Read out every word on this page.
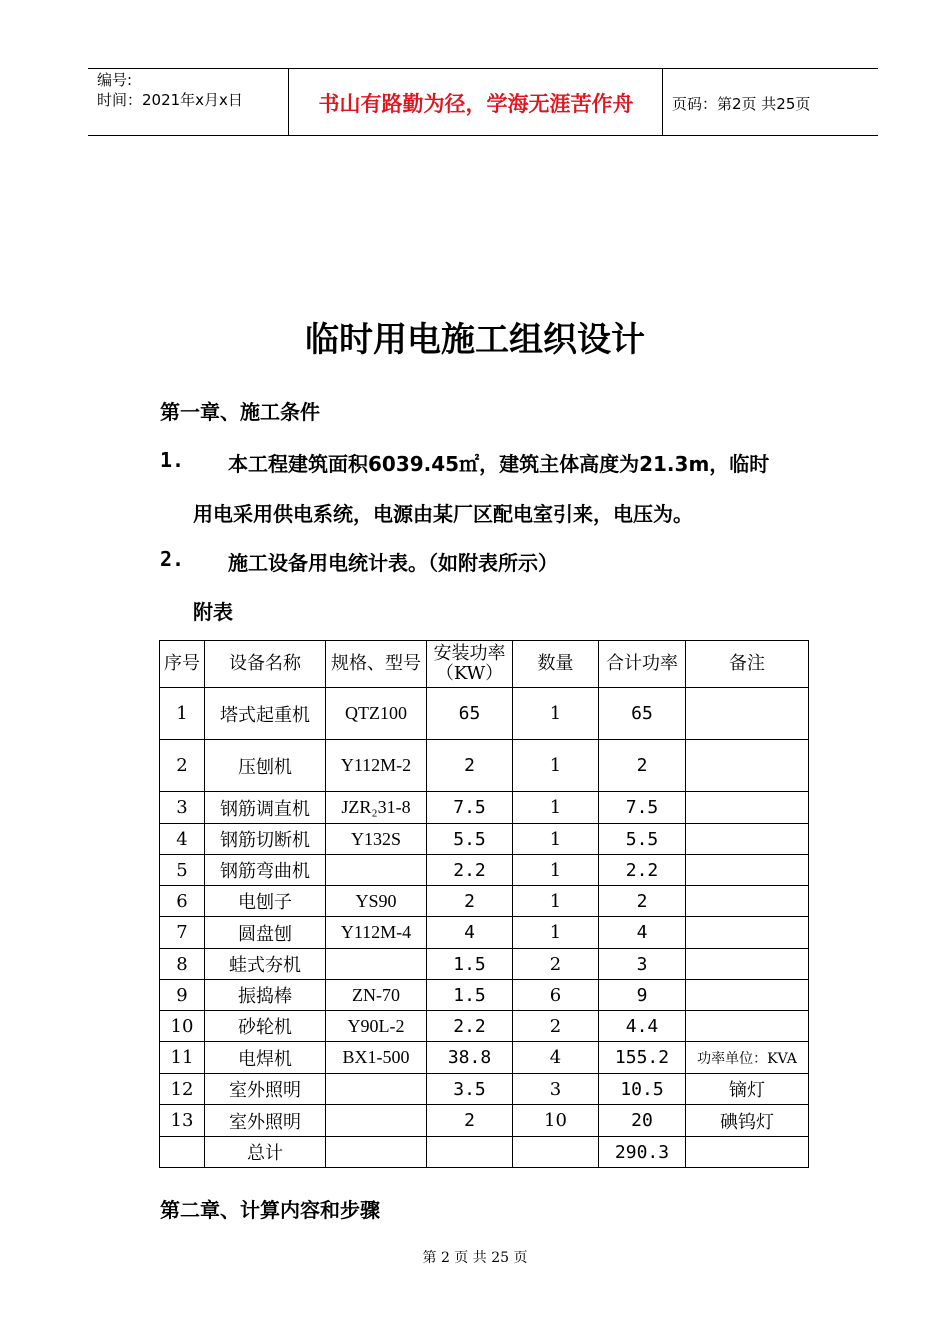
编号:
时间：2021年x月x日	书山有路勤为径，学海无涯苦作舟	页码：第2页 共25页
临时用电施工组织设计
第一章、施工条件
1. 本工程建筑面积6039.45㎡，建筑主体高度为21.3m，临时
用电采用供电系统，电源由某厂区配电室引来，电压为。
2. 施工设备用电统计表。（如附表所示）
附表
序号	设备名称	规格、型号	安装功率（KW）	数量	合计功率	备注
1	塔式起重机	QTZ100	65	1	65	
2	压刨机	Y112M-2	2	1	2	
3	钢筋调直机	JZR₂31-8	7.5	1	7.5	
4	钢筋切断机	Y132S	5.5	1	5.5	
5	钢筋弯曲机		2.2	1	2.2	
6	电刨子	YS90	2	1	2	
7	圆盘刨	Y112M-4	4	1	4	
8	蛙式夯机		1.5	2	3	
9	振捣棒	ZN-70	1.5	6	9	
10	砂轮机	Y90L-2	2.2	2	4.4	
11	电焊机	BX1-500	38.8	4	155.2	功率单位：KVA
12	室外照明		3.5	3	10.5	镝灯
13	室外照明		2	10	20	碘钨灯
	总计				290.3	
第二章、计算内容和步骤
第 2 页 共 25 页
